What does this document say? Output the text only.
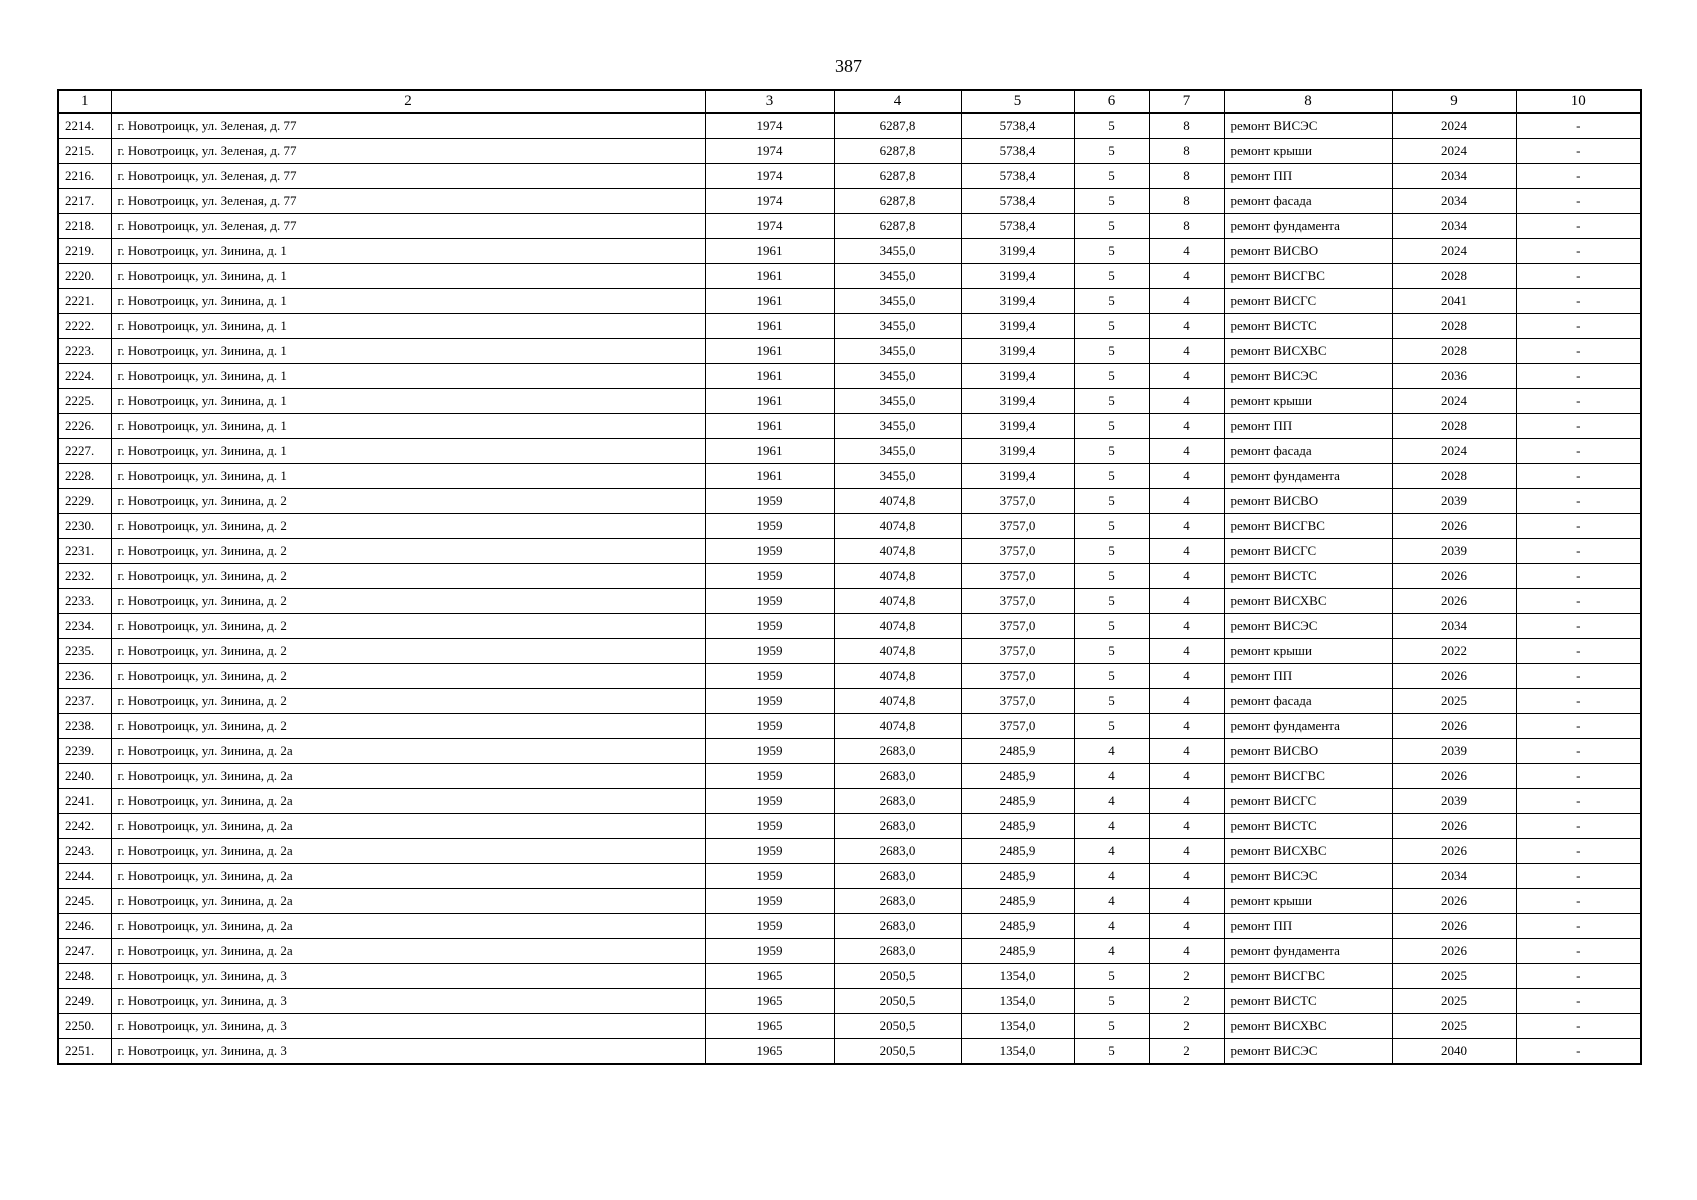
387
1	2	3	4	5	6	7	8	9	10
2214.	г. Новотроицк, ул. Зеленая, д. 77	1974	6287,8	5738,4	5	8	ремонт ВИСЭС	2024	-
2215.	г. Новотроицк, ул. Зеленая, д. 77	1974	6287,8	5738,4	5	8	ремонт крыши	2024	-
2216.	г. Новотроицк, ул. Зеленая, д. 77	1974	6287,8	5738,4	5	8	ремонт ПП	2034	-
2217.	г. Новотроицк, ул. Зеленая, д. 77	1974	6287,8	5738,4	5	8	ремонт фасада	2034	-
2218.	г. Новотроицк, ул. Зеленая, д. 77	1974	6287,8	5738,4	5	8	ремонт фундамента	2034	-
2219.	г. Новотроицк, ул. Зинина, д. 1	1961	3455,0	3199,4	5	4	ремонт ВИСВО	2024	-
2220.	г. Новотроицк, ул. Зинина, д. 1	1961	3455,0	3199,4	5	4	ремонт ВИСГВС	2028	-
2221.	г. Новотроицк, ул. Зинина, д. 1	1961	3455,0	3199,4	5	4	ремонт ВИСГС	2041	-
2222.	г. Новотроицк, ул. Зинина, д. 1	1961	3455,0	3199,4	5	4	ремонт ВИСТС	2028	-
2223.	г. Новотроицк, ул. Зинина, д. 1	1961	3455,0	3199,4	5	4	ремонт ВИСХВС	2028	-
2224.	г. Новотроицк, ул. Зинина, д. 1	1961	3455,0	3199,4	5	4	ремонт ВИСЭС	2036	-
2225.	г. Новотроицк, ул. Зинина, д. 1	1961	3455,0	3199,4	5	4	ремонт крыши	2024	-
2226.	г. Новотроицк, ул. Зинина, д. 1	1961	3455,0	3199,4	5	4	ремонт ПП	2028	-
2227.	г. Новотроицк, ул. Зинина, д. 1	1961	3455,0	3199,4	5	4	ремонт фасада	2024	-
2228.	г. Новотроицк, ул. Зинина, д. 1	1961	3455,0	3199,4	5	4	ремонт фундамента	2028	-
2229.	г. Новотроицк, ул. Зинина, д. 2	1959	4074,8	3757,0	5	4	ремонт ВИСВО	2039	-
2230.	г. Новотроицк, ул. Зинина, д. 2	1959	4074,8	3757,0	5	4	ремонт ВИСГВС	2026	-
2231.	г. Новотроицк, ул. Зинина, д. 2	1959	4074,8	3757,0	5	4	ремонт ВИСГС	2039	-
2232.	г. Новотроицк, ул. Зинина, д. 2	1959	4074,8	3757,0	5	4	ремонт ВИСТС	2026	-
2233.	г. Новотроицк, ул. Зинина, д. 2	1959	4074,8	3757,0	5	4	ремонт ВИСХВС	2026	-
2234.	г. Новотроицк, ул. Зинина, д. 2	1959	4074,8	3757,0	5	4	ремонт ВИСЭС	2034	-
2235.	г. Новотроицк, ул. Зинина, д. 2	1959	4074,8	3757,0	5	4	ремонт крыши	2022	-
2236.	г. Новотроицк, ул. Зинина, д. 2	1959	4074,8	3757,0	5	4	ремонт ПП	2026	-
2237.	г. Новотроицк, ул. Зинина, д. 2	1959	4074,8	3757,0	5	4	ремонт фасада	2025	-
2238.	г. Новотроицк, ул. Зинина, д. 2	1959	4074,8	3757,0	5	4	ремонт фундамента	2026	-
2239.	г. Новотроицк, ул. Зинина, д. 2а	1959	2683,0	2485,9	4	4	ремонт ВИСВО	2039	-
2240.	г. Новотроицк, ул. Зинина, д. 2а	1959	2683,0	2485,9	4	4	ремонт ВИСГВС	2026	-
2241.	г. Новотроицк, ул. Зинина, д. 2а	1959	2683,0	2485,9	4	4	ремонт ВИСГС	2039	-
2242.	г. Новотроицк, ул. Зинина, д. 2а	1959	2683,0	2485,9	4	4	ремонт ВИСТС	2026	-
2243.	г. Новотроицк, ул. Зинина, д. 2а	1959	2683,0	2485,9	4	4	ремонт ВИСХВС	2026	-
2244.	г. Новотроицк, ул. Зинина, д. 2а	1959	2683,0	2485,9	4	4	ремонт ВИСЭС	2034	-
2245.	г. Новотроицк, ул. Зинина, д. 2а	1959	2683,0	2485,9	4	4	ремонт крыши	2026	-
2246.	г. Новотроицк, ул. Зинина, д. 2а	1959	2683,0	2485,9	4	4	ремонт ПП	2026	-
2247.	г. Новотроицк, ул. Зинина, д. 2а	1959	2683,0	2485,9	4	4	ремонт фундамента	2026	-
2248.	г. Новотроицк, ул. Зинина, д. 3	1965	2050,5	1354,0	5	2	ремонт ВИСГВС	2025	-
2249.	г. Новотроицк, ул. Зинина, д. 3	1965	2050,5	1354,0	5	2	ремонт ВИСТС	2025	-
2250.	г. Новотроицк, ул. Зинина, д. 3	1965	2050,5	1354,0	5	2	ремонт ВИСХВС	2025	-
2251.	г. Новотроицк, ул. Зинина, д. 3	1965	2050,5	1354,0	5	2	ремонт ВИСЭС	2040	-
